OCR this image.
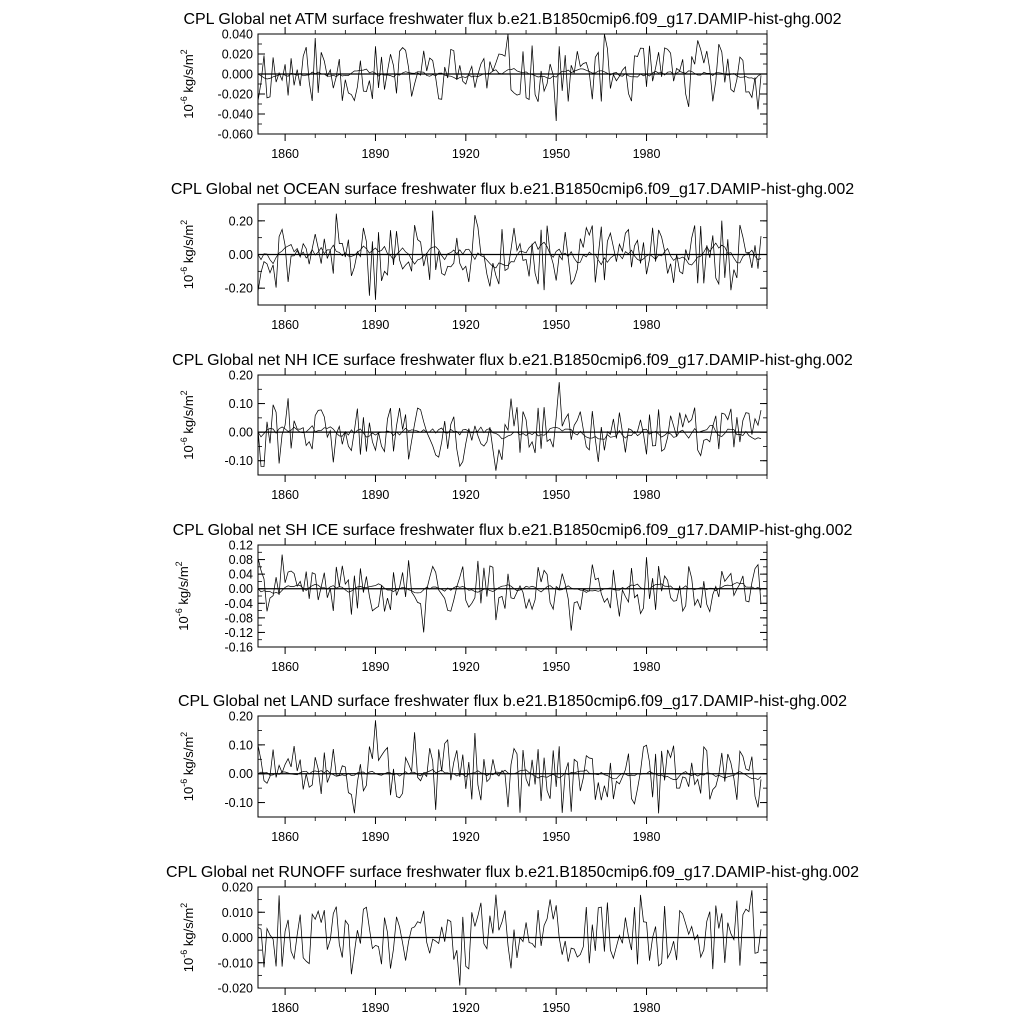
CPL Global net ATM surface freshwater flux b.e21.B1850cmip6.f09_g17.DAMIP-hist-ghg.002
-0.060
-0.040
-0.020
0.000
0.020
0.040
1860	1890	1920	1950	1980
$10^{-6}$ $kg/s/m^2$
CPL Global net OCEAN surface freshwater flux b.e21.B1850cmip6.f09_g17.DAMIP-hist-ghg.002
-0.20
0.00
0.20
1860	1890	1920	1950	1980
$10^{-6}$ $kg/s/m^2$
CPL Global net NH ICE surface freshwater flux b.e21.B1850cmip6.f09_g17.DAMIP-hist-ghg.002
-0.10
0.00
0.10
0.20
1860	1890	1920	1950	1980
$10^{-6}$ $kg/s/m^2$
CPL Global net SH ICE surface freshwater flux b.e21.B1850cmip6.f09_g17.DAMIP-hist-ghg.002
-0.16
-0.12
-0.08
-0.04
0.00
0.04
0.08
0.12
1860	1890	1920	1950	1980
$10^{-6}$ $kg/s/m^2$
CPL Global net LAND surface freshwater flux b.e21.B1850cmip6.f09_g17.DAMIP-hist-ghg.002
-0.10
0.00
0.10
0.20
1860	1890	1920	1950	1980
$10^{-6}$ $kg/s/m^2$
CPL Global net RUNOFF surface freshwater flux b.e21.B1850cmip6.f09_g17.DAMIP-hist-ghg.002
-0.020
-0.010
0.000
0.010
0.020
1860	1890	1920	1950	1980
$10^{-6}$ $kg/s/m^2$
